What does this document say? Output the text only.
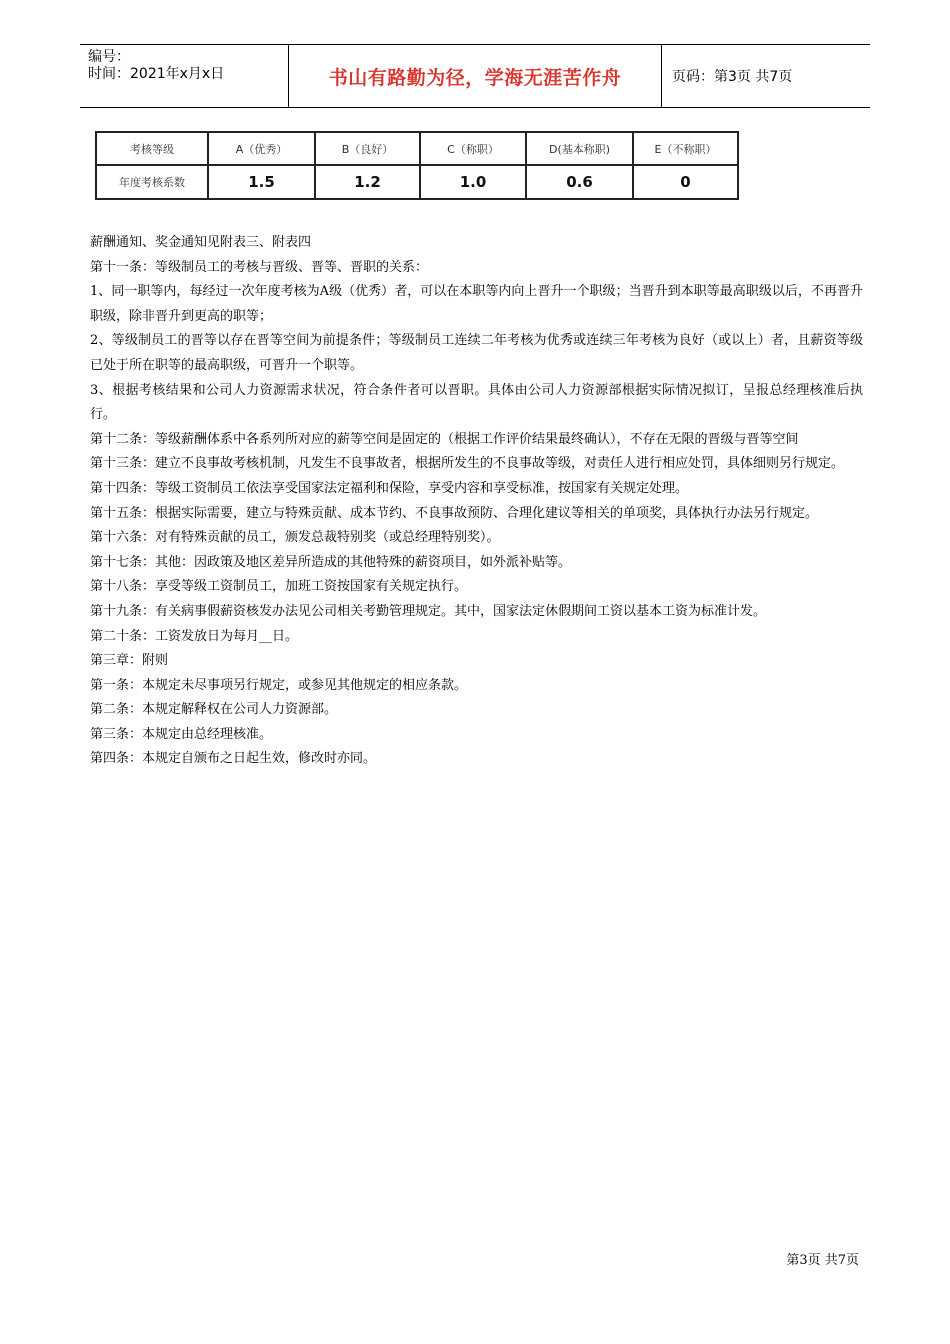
编号：
时间：2021年x月x日	书山有路勤为径，学海无涯苦作舟	页码：第3页 共7页
考核等级	A（优秀）	B（良好）	C（称职）	D(基本称职)	E（不称职）
年度考核系数	1.5	1.2	1.0	0.6	0

薪酬通知、奖金通知见附表三、附表四

第十一条：等级制员工的考核与晋级、晋等、晋职的关系：

1、同一职等内，每经过一次年度考核为A级（优秀）者，可以在本职等内向上晋升一个职级；当晋升到本职等最高职级以后，不再晋升职级，除非晋升到更高的职等；

2、等级制员工的晋等以存在晋等空间为前提条件；等级制员工连续二年考核为优秀或连续三年考核为良好（或以上）者，且薪资等级已处于所在职等的最高职级，可晋升一个职等。

3、根据考核结果和公司人力资源需求状况，符合条件者可以晋职。具体由公司人力资源部根据实际情况拟订，呈报总经理核准后执行。

第十二条：等级薪酬体系中各系列所对应的薪等空间是固定的（根据工作评价结果最终确认），不存在无限的晋级与晋等空间

第十三条：建立不良事故考核机制，凡发生不良事故者，根据所发生的不良事故等级，对责任人进行相应处罚，具体细则另行规定。

第十四条：等级工资制员工依法享受国家法定福利和保险，享受内容和享受标准，按国家有关规定处理。

第十五条：根据实际需要，建立与特殊贡献、成本节约、不良事故预防、合理化建议等相关的单项奖，具体执行办法另行规定。

第十六条：对有特殊贡献的员工，颁发总裁特别奖（或总经理特别奖）。

第十七条：其他：因政策及地区差异所造成的其他特殊的薪资项目，如外派补贴等。

第十八条：享受等级工资制员工，加班工资按国家有关规定执行。

第十九条：有关病事假薪资核发办法见公司相关考勤管理规定。其中，国家法定休假期间工资以基本工资为标准计发。

第二十条：工资发放日为每月__日。

第三章：附则

第一条：本规定未尽事项另行规定，或参见其他规定的相应条款。

第二条：本规定解释权在公司人力资源部。

第三条：本规定由总经理核准。

第四条：本规定自颁布之日起生效，修改时亦同。

第3页 共7页
